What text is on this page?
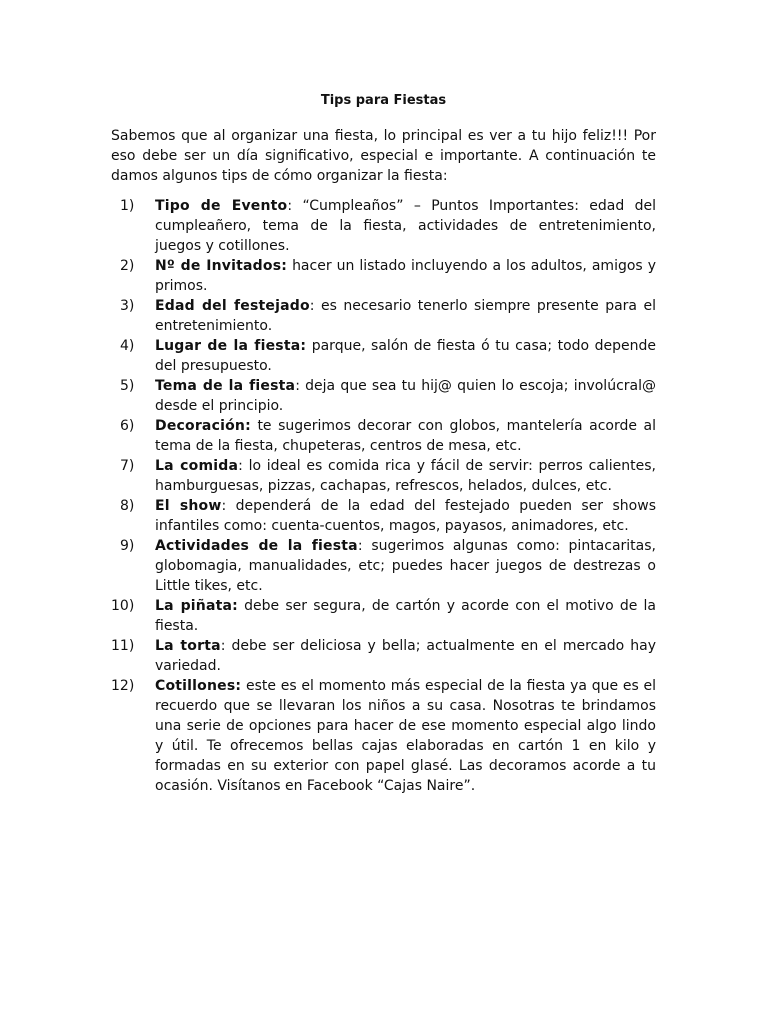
Tips para Fiestas

Sabemos que al organizar una fiesta, lo principal es ver a tu hijo feliz!!! Por eso debe ser un día significativo, especial e importante. A continuación te damos algunos tips de cómo organizar la fiesta:

1) Tipo de Evento: “Cumpleaños” – Puntos Importantes: edad del cumpleañero, tema de la fiesta, actividades de entretenimiento, juegos y cotillones.
2) Nº de Invitados: hacer un listado incluyendo a los adultos, amigos y primos.
3) Edad del festejado: es necesario tenerlo siempre presente para el entretenimiento.
4) Lugar de la fiesta: parque, salón de fiesta ó tu casa; todo depende del presupuesto.
5) Tema de la fiesta: deja que sea tu hij@ quien lo escoja; involúcral@ desde el principio.
6) Decoración: te sugerimos decorar con globos, mantelería acorde al tema de la fiesta, chupeteras, centros de mesa, etc.
7) La comida: lo ideal es comida rica y fácil de servir: perros calientes, hamburguesas, pizzas, cachapas, refrescos, helados, dulces, etc.
8) El show: dependerá de la edad del festejado pueden ser shows infantiles como: cuenta-cuentos, magos, payasos, animadores, etc.
9) Actividades de la fiesta: sugerimos algunas como: pintacaritas, globomagia, manualidades, etc; puedes hacer juegos de destrezas o Little tikes, etc.
10) La piñata: debe ser segura, de cartón y acorde con el motivo de la fiesta.
11) La torta: debe ser deliciosa y bella; actualmente en el mercado hay variedad.
12) Cotillones: este es el momento más especial de la fiesta ya que es el recuerdo que se llevaran los niños a su casa. Nosotras te brindamos una serie de opciones para hacer de ese momento especial algo lindo y útil. Te ofrecemos bellas cajas elaboradas en cartón 1 en kilo y formadas en su exterior con papel glasé. Las decoramos acorde a tu ocasión. Visítanos en Facebook “Cajas Naire”.
